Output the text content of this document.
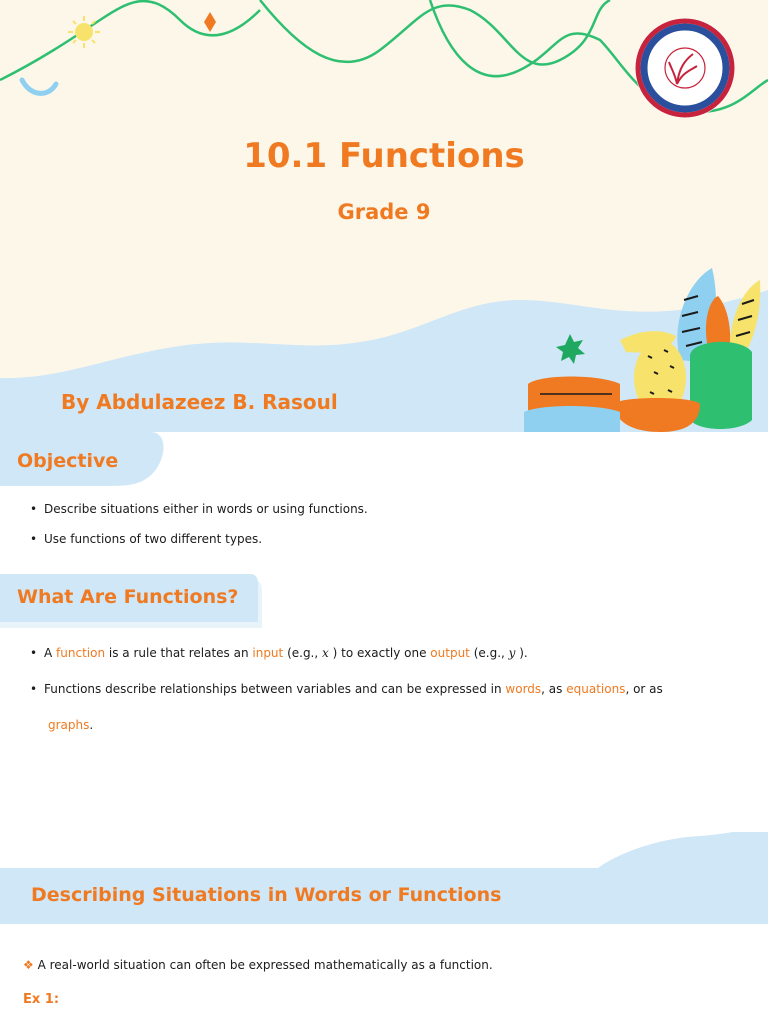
10.1 Functions
Grade 9
By Abdulazeez B. Rasoul
Objective
• Describe situations either in words or using functions.
• Use functions of two different types.
What Are Functions?
• A function is a rule that relates an input (e.g., x ) to exactly one output (e.g., y ).
• Functions describe relationships between variables and can be expressed in words, as equations, or as
graphs.
Describing Situations in Words or Functions
❖ A real-world situation can often be expressed mathematically as a function.
Ex 1:
